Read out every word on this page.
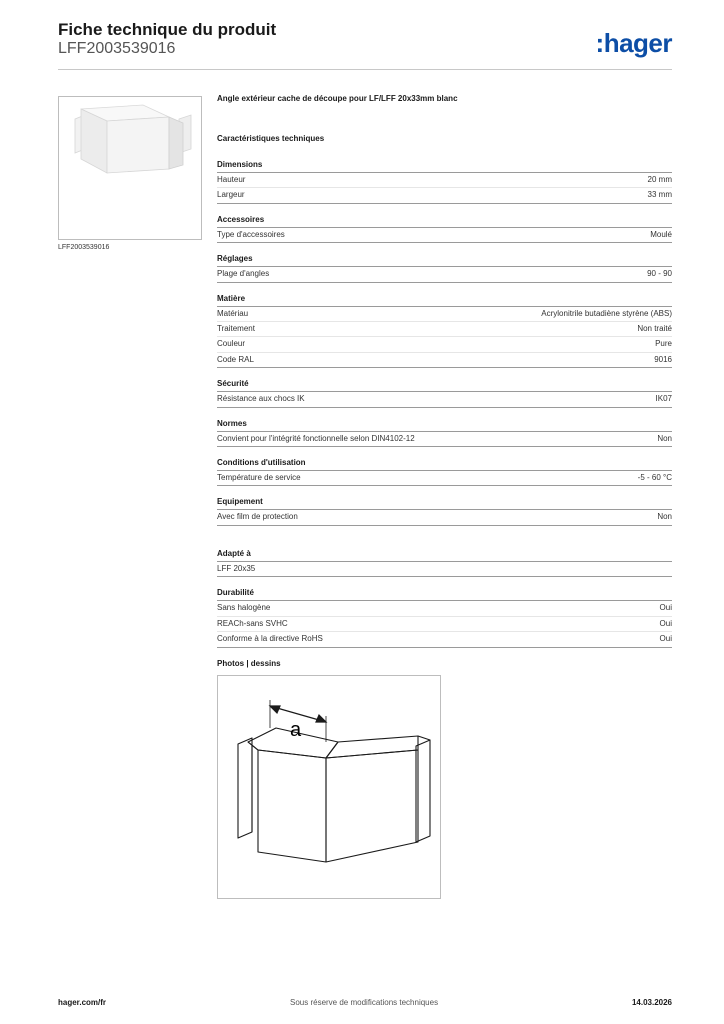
Fiche technique du produit
LFF2003539016	:hager
LFF2003539016
Angle extérieur cache de découpe pour LF/LFF 20x33mm blanc
Caractéristiques techniques
Dimensions
Hauteur	20 mm
Largeur	33 mm
Accessoires
Type d'accessoires	Moulé
Réglages
Plage d'angles	90 - 90
Matière
Matériau	Acrylonitrile butadiène styrène (ABS)
Traitement	Non traité
Couleur	Pure
Code RAL	9016
Sécurité
Résistance aux chocs IK	IK07
Normes
Convient pour l'intégrité fonctionnelle selon DIN4102-12	Non
Conditions d'utilisation
Température de service	-5 - 60 °C
Equipement
Avec film de protection	Non
Adapté à
LFF 20x35
Durabilité
Sans halogène	Oui
REACh-sans SVHC	Oui
Conforme à la directive RoHS	Oui
Photos | dessins
a
hager.com/fr	Sous réserve de modifications techniques	14.03.2026
